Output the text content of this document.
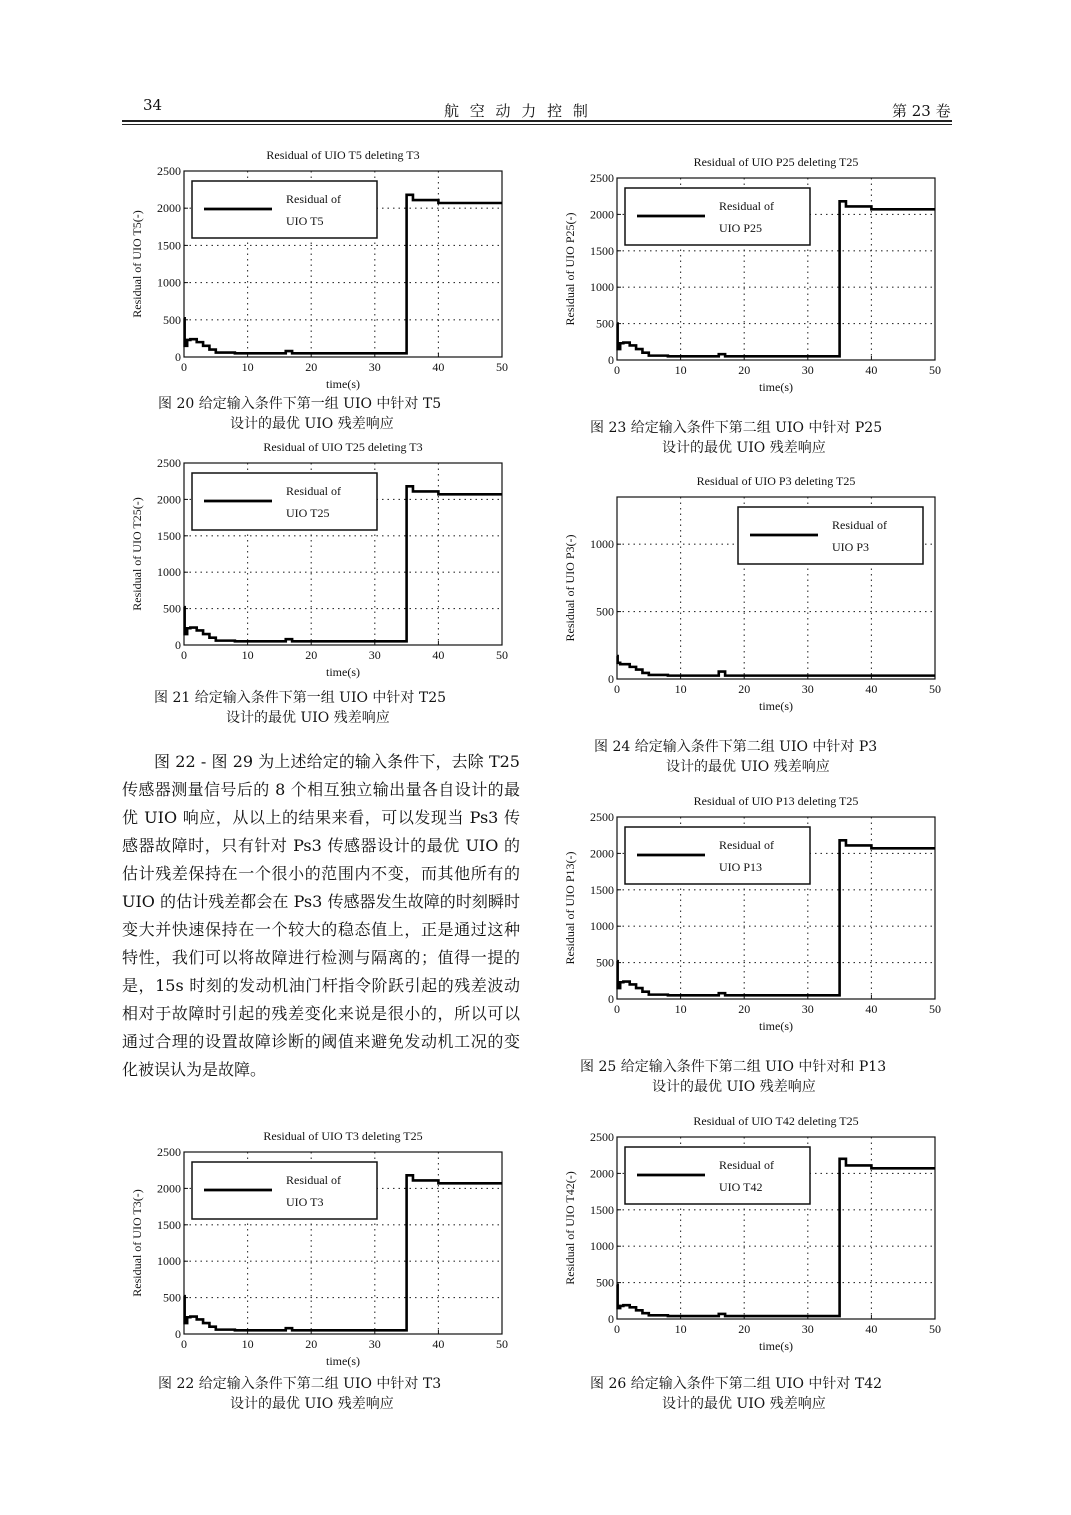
34	航 空 动 力 控 制	第 23 卷
Residual of UIO T5 deleting T3
0	10	20	30	40	50
0
500
1000
1500
2000
2500
time(s)
Residual of UIO T5(-)
Residual of
UIO T5
Residual of UIO T25 deleting T3
0	10	20	30	40	50
0
500
1000
1500
2000
2500
time(s)
Residual of UIO T25(-)
Residual of
UIO T25
Residual of UIO T3 deleting T25
0	10	20	30	40	50
0
500
1000
1500
2000
2500
time(s)
Residual of UIO T3(-)
Residual of
UIO T3
Residual of UIO P25 deleting T25
0	10	20	30	40	50
0
500
1000
1500
2000
2500
time(s)
Residual of UIO P25(-)
Residual of
UIO P25
Residual of UIO P3 deleting T25
0	10	20	30	40	50
0
500
1000
time(s)
Residual of UIO P3(-)
Residual of
UIO P3
Residual of UIO P13 deleting T25
0	10	20	30	40	50
0
500
1000
1500
2000
2500
time(s)
Residual of UIO P13(-)
Residual of
UIO P13
Residual of UIO T42 deleting T25
0	10	20	30	40	50
0
500
1000
1500
2000
2500
time(s)
Residual of UIO T42(-)
Residual of
UIO T42
图 20 给定输入条件下第一组 UIO 中针对 T5
设计的最优 UIO 残差响应
图 21 给定输入条件下第一组 UIO 中针对 T25
设计的最优 UIO 残差响应
图 22 给定输入条件下第二组 UIO 中针对 T3
设计的最优 UIO 残差响应
图 23 给定输入条件下第二组 UIO 中针对 P25
设计的最优 UIO 残差响应
图 24 给定输入条件下第二组 UIO 中针对 P3
设计的最优 UIO 残差响应
图 25 给定输入条件下第二组 UIO 中针对和 P13
设计的最优 UIO 残差响应
图 26 给定输入条件下第二组 UIO 中针对 T42
设计的最优 UIO 残差响应

图 22 - 图 29 为上述给定的输入条件下，去除 T25 传感器测量信号后的 8 个相互独立输出量各自设计的最优 UIO 响应，从以上的结果来看，可以发现当 Ps3 传感器故障时，只有针对 Ps3 传感器设计的最优 UIO 的估计残差保持在一个很小的范围内不变，而其他所有的 UIO 的估计残差都会在 Ps3 传感器发生故障的时刻瞬时变大并快速保持在一个较大的稳态值上，正是通过这种特性，我们可以将故障进行检测与隔离的；值得一提的是，15s 时刻的发动机油门杆指令阶跃引起的残差波动相对于故障时引起的残差变化来说是很小的，所以可以通过合理的设置故障诊断的阈值来避免发动机工况的变化被误认为是故障。
